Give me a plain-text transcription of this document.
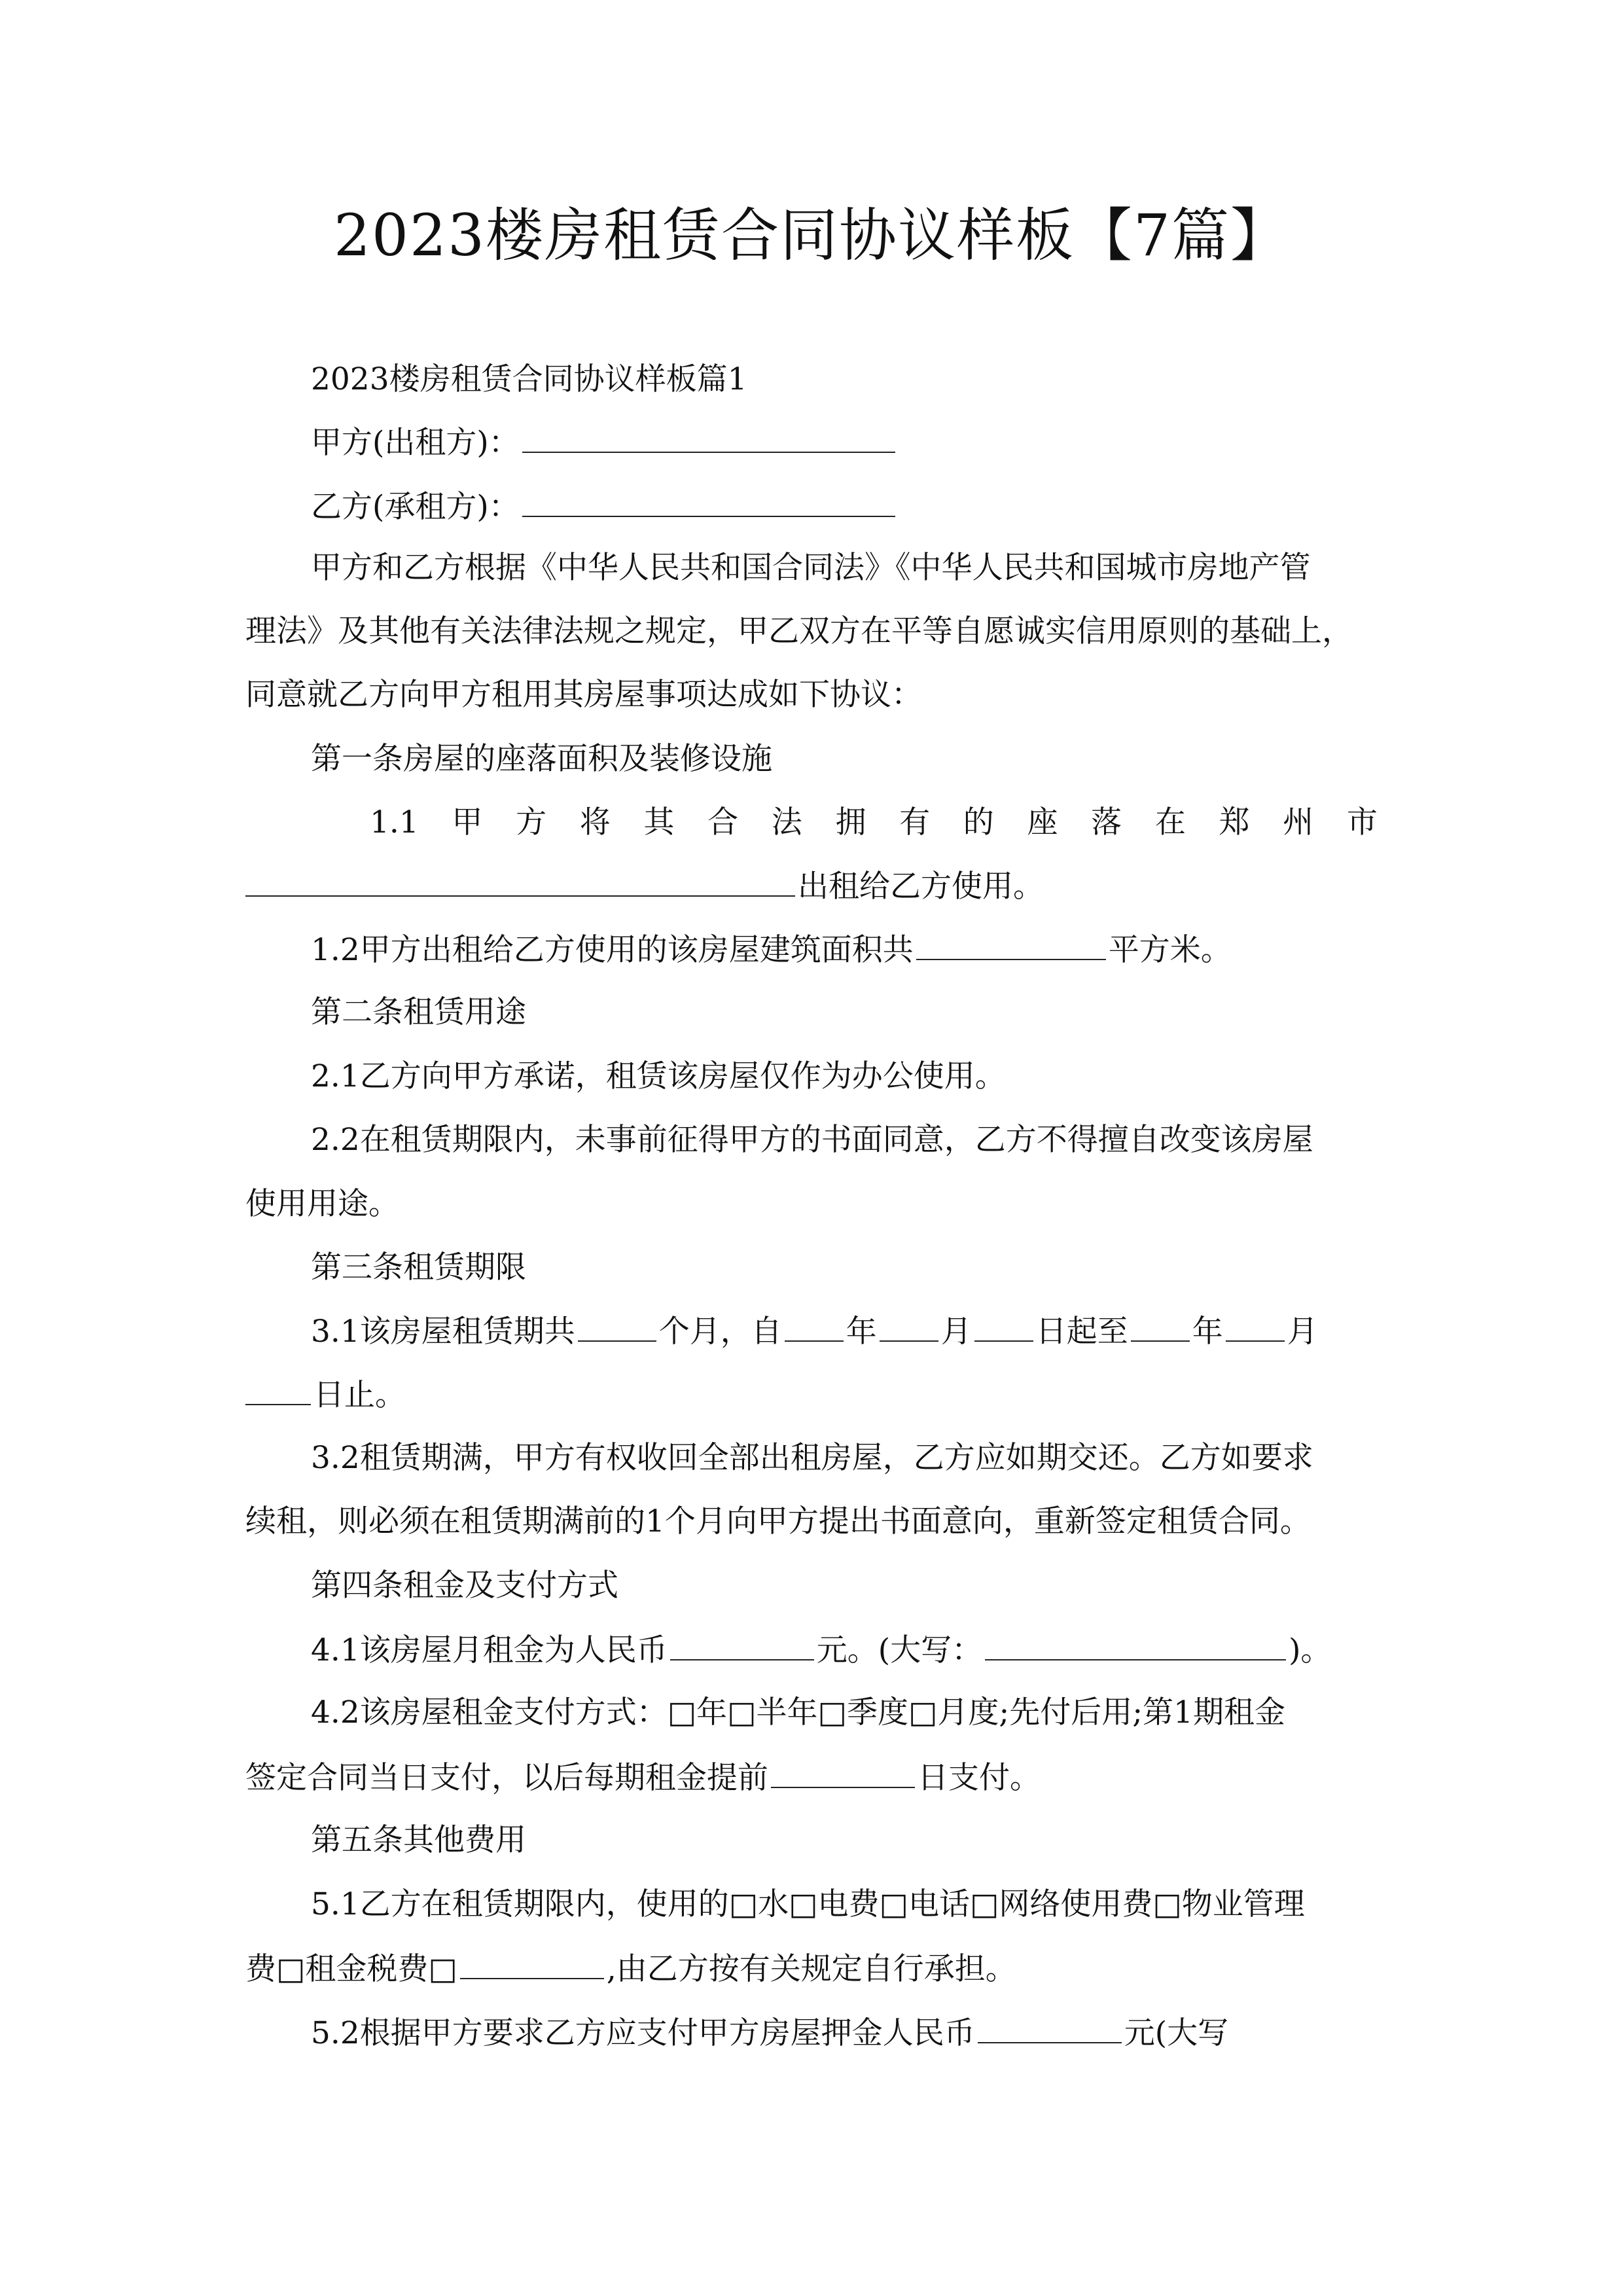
2023楼房租赁合同协议样板【7篇】
2023楼房租赁合同协议样板篇1
甲方(出租方)：
乙方(承租方)：
甲方和乙方根据《中华人民共和国合同法》《中华人民共和国城市房地产管
理法》及其他有关法律法规之规定，甲乙双方在平等自愿诚实信用原则的基础上，
同意就乙方向甲方租用其房屋事项达成如下协议：
第一条房屋的座落面积及装修设施
1.1 甲 方 将 其 合 法 拥 有 的 座 落 在 郑 州 市
出租给乙方使用。
1.2甲方出租给乙方使用的该房屋建筑面积共	平方米。
第二条租赁用途
2.1乙方向甲方承诺，租赁该房屋仅作为办公使用。
2.2在租赁期限内，未事前征得甲方的书面同意，乙方不得擅自改变该房屋
使用用途。
第三条租赁期限
3.1该房屋租赁期共	个月，自 年 月 日起至 年 月
日止。
3.2租赁期满，甲方有权收回全部出租房屋，乙方应如期交还。乙方如要求
续租，则必须在租赁期满前的1个月向甲方提出书面意向，重新签定租赁合同。
第四条租金及支付方式
4.1该房屋月租金为人民币	元。(大写：	)。
4.2该房屋租金支付方式：□年□半年□季度□月度;先付后用;第1期租金
签定合同当日支付，以后每期租金提前	日支付。
第五条其他费用
5.1乙方在租赁期限内，使用的□水□电费□电话□网络使用费□物业管理
费□租金税费□	,由乙方按有关规定自行承担。
5.2根据甲方要求乙方应支付甲方房屋押金人民币	元(大写
